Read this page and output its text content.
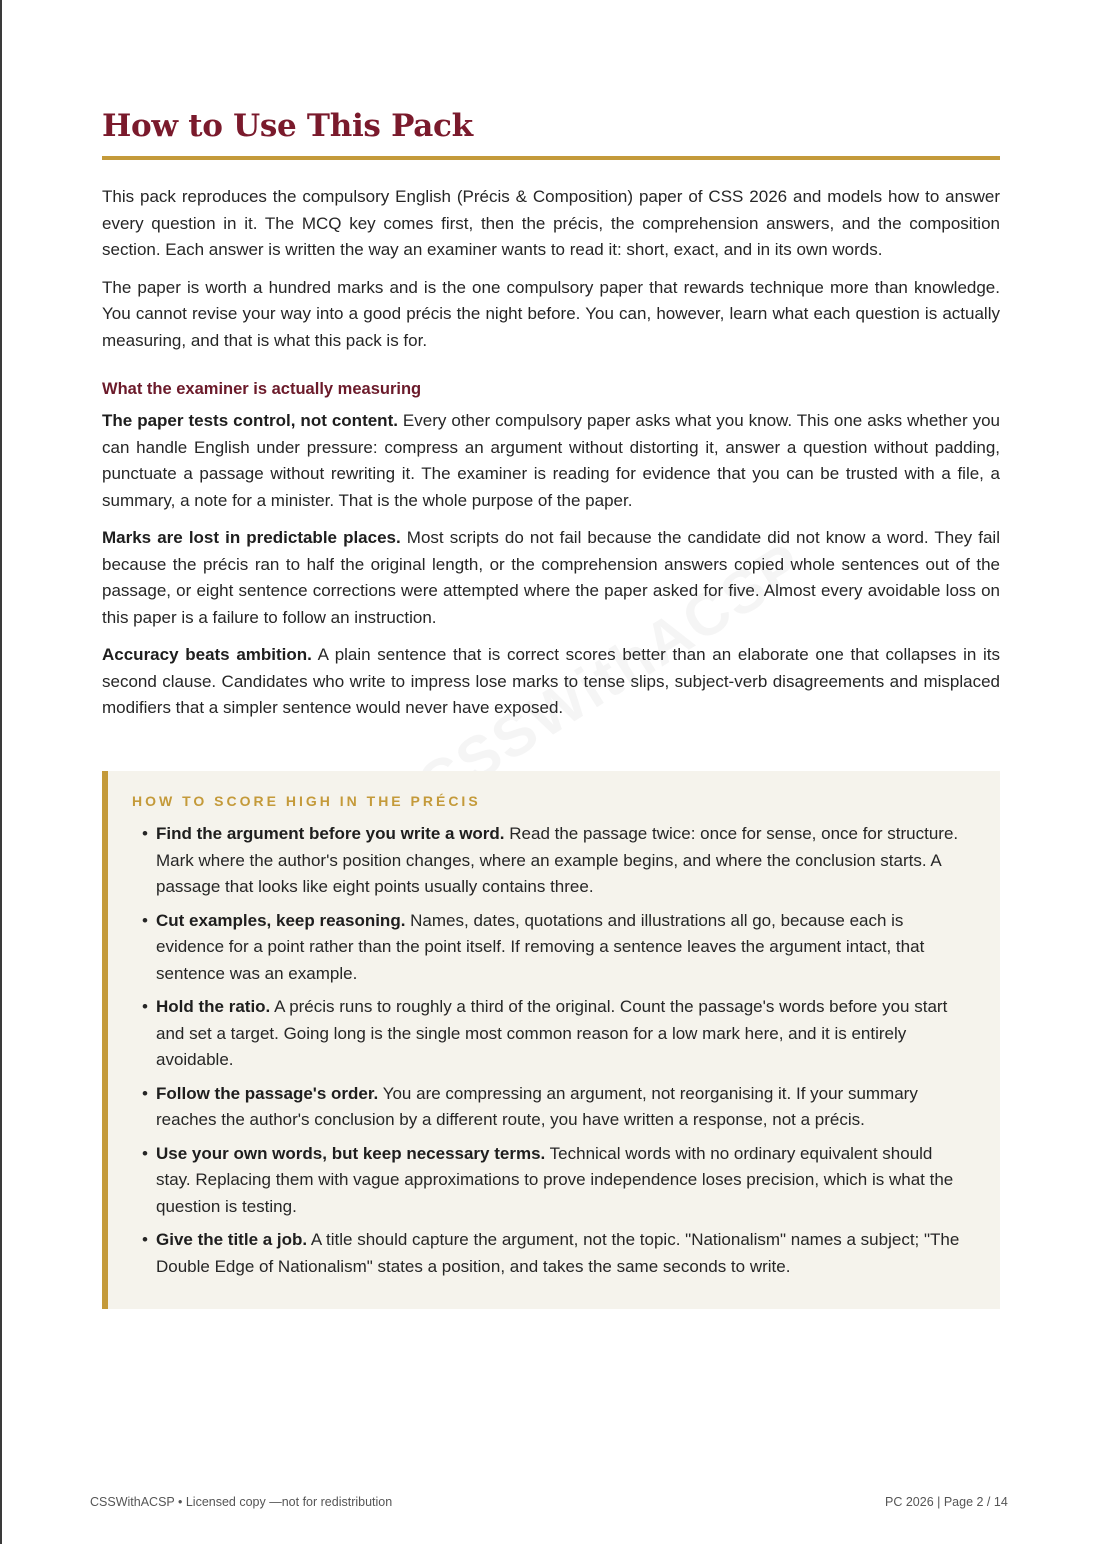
How to Use This Pack

This pack reproduces the compulsory English (Précis & Composition) paper of CSS 2026 and models how to answer every question in it. The MCQ key comes first, then the précis, the comprehension answers, and the composition section. Each answer is written the way an examiner wants to read it: short, exact, and in its own words.

The paper is worth a hundred marks and is the one compulsory paper that rewards technique more than knowledge. You cannot revise your way into a good précis the night before. You can, however, learn what each question is actually measuring, and that is what this pack is for.

What the examiner is actually measuring

The paper tests control, not content. Every other compulsory paper asks what you know. This one asks whether you can handle English under pressure: compress an argument without distorting it, answer a question without padding, punctuate a passage without rewriting it. The examiner is reading for evidence that you can be trusted with a file, a summary, a note for a minister. That is the whole purpose of the paper.

Marks are lost in predictable places. Most scripts do not fail because the candidate did not know a word. They fail because the précis ran to half the original length, or the comprehension answers copied whole sentences out of the passage, or eight sentence corrections were attempted where the paper asked for five. Almost every avoidable loss on this paper is a failure to follow an instruction.

Accuracy beats ambition. A plain sentence that is correct scores better than an elaborate one that collapses in its second clause. Candidates who write to impress lose marks to tense slips, subject-verb disagreements and misplaced modifiers that a simpler sentence would never have exposed.

HOW TO SCORE HIGH IN THE PRÉCIS
• Find the argument before you write a word. Read the passage twice: once for sense, once for structure. Mark where the author's position changes, where an example begins, and where the conclusion starts. A passage that looks like eight points usually contains three.
• Cut examples, keep reasoning. Names, dates, quotations and illustrations all go, because each is evidence for a point rather than the point itself. If removing a sentence leaves the argument intact, that sentence was an example.
• Hold the ratio. A précis runs to roughly a third of the original. Count the passage's words before you start and set a target. Going long is the single most common reason for a low mark here, and it is entirely avoidable.
• Follow the passage's order. You are compressing an argument, not reorganising it. If your summary reaches the author's conclusion by a different route, you have written a response, not a précis.
• Use your own words, but keep necessary terms. Technical words with no ordinary equivalent should stay. Replacing them with vague approximations to prove independence loses precision, which is what the question is testing.
• Give the title a job. A title should capture the argument, not the topic. "Nationalism" names a subject; "The Double Edge of Nationalism" states a position, and takes the same seconds to write.
CSSWithACSP • Licensed copy —not for redistribution	PC 2026 | Page 2 / 14
